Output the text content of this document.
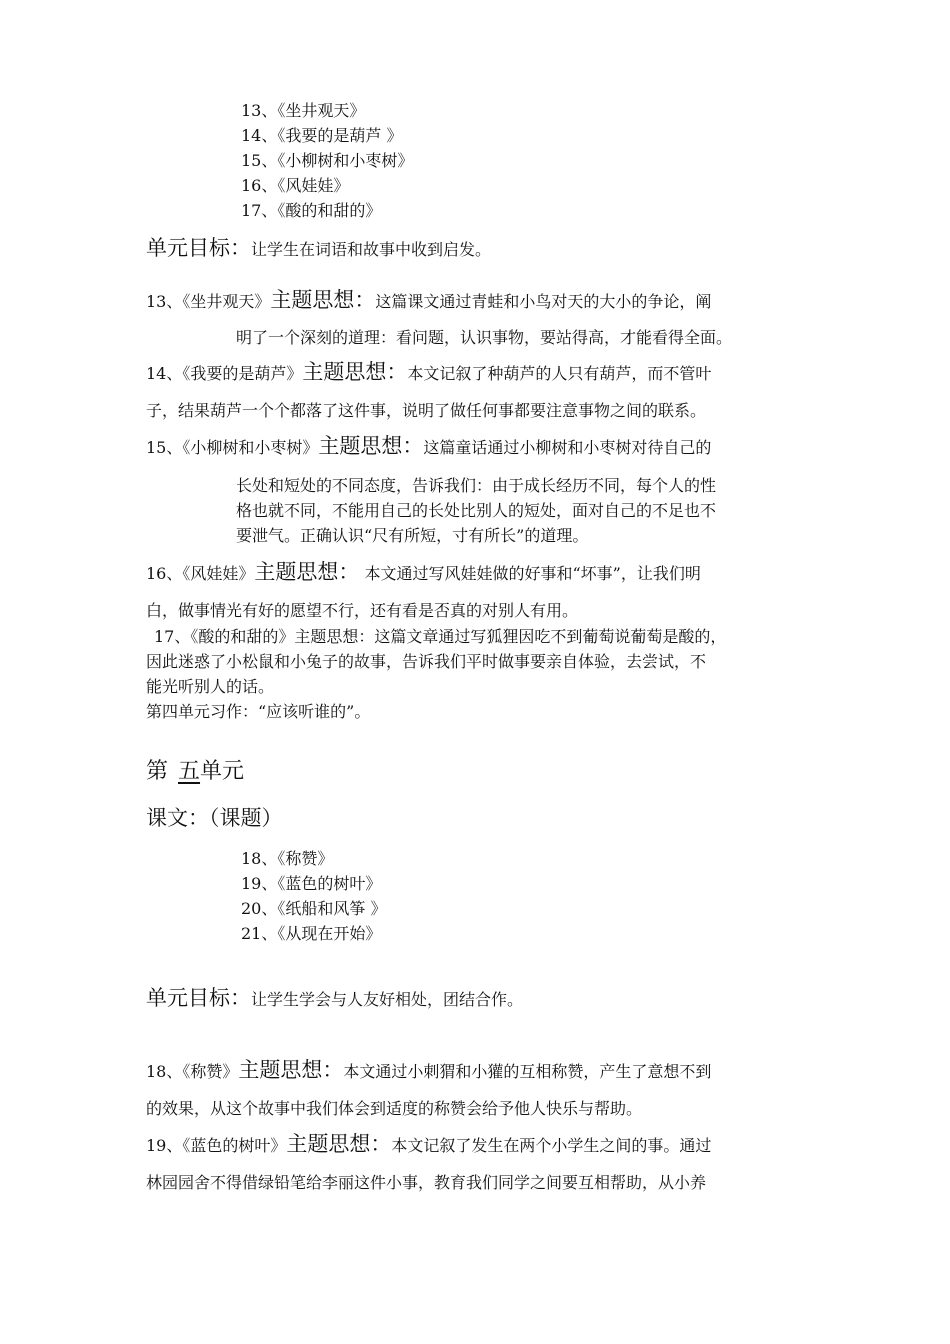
13、《坐井观天》
14、《我要的是葫芦 》
15、《小柳树和小枣树》
16、《风娃娃》
17、《酸的和甜的》
单元目标：让学生在词语和故事中收到启发。
13、《坐井观天》主题思想：这篇课文通过青蛙和小鸟对天的大小的争论，阐
明了一个深刻的道理：看问题，认识事物，要站得高，才能看得全面。
14、《我要的是葫芦》主题思想：本文记叙了种葫芦的人只有葫芦，而不管叶
子，结果葫芦一个个都落了这件事，说明了做任何事都要注意事物之间的联系。
15、《小柳树和小枣树》主题思想：这篇童话通过小柳树和小枣树对待自己的
长处和短处的不同态度，告诉我们：由于成长经历不同，每个人的性
格也就不同，不能用自己的长处比别人的短处，面对自己的不足也不
要泄气。正确认识“尺有所短，寸有所长”的道理。
16、《风娃娃》主题思想： 本文通过写风娃娃做的好事和“坏事”，让我们明
白，做事情光有好的愿望不行，还有看是否真的对别人有用。
17、《酸的和甜的》主题思想：这篇文章通过写狐狸因吃不到葡萄说葡萄是酸的，
因此迷惑了小松鼠和小兔子的故事，告诉我们平时做事要亲自体验，去尝试，不
能光听别人的话。
第四单元习作：“应该听谁的”。
第 五单元
课文：（课题）
18、《称赞》
19、《蓝色的树叶》
20、《纸船和风筝 》
21、《从现在开始》
单元目标：让学生学会与人友好相处，团结合作。
18、《称赞》主题思想：本文通过小刺猬和小獾的互相称赞，产生了意想不到
的效果，从这个故事中我们体会到适度的称赞会给予他人快乐与帮助。
19、《蓝色的树叶》主题思想：本文记叙了发生在两个小学生之间的事。通过
林园园舍不得借绿铅笔给李丽这件小事，教育我们同学之间要互相帮助，从小养
